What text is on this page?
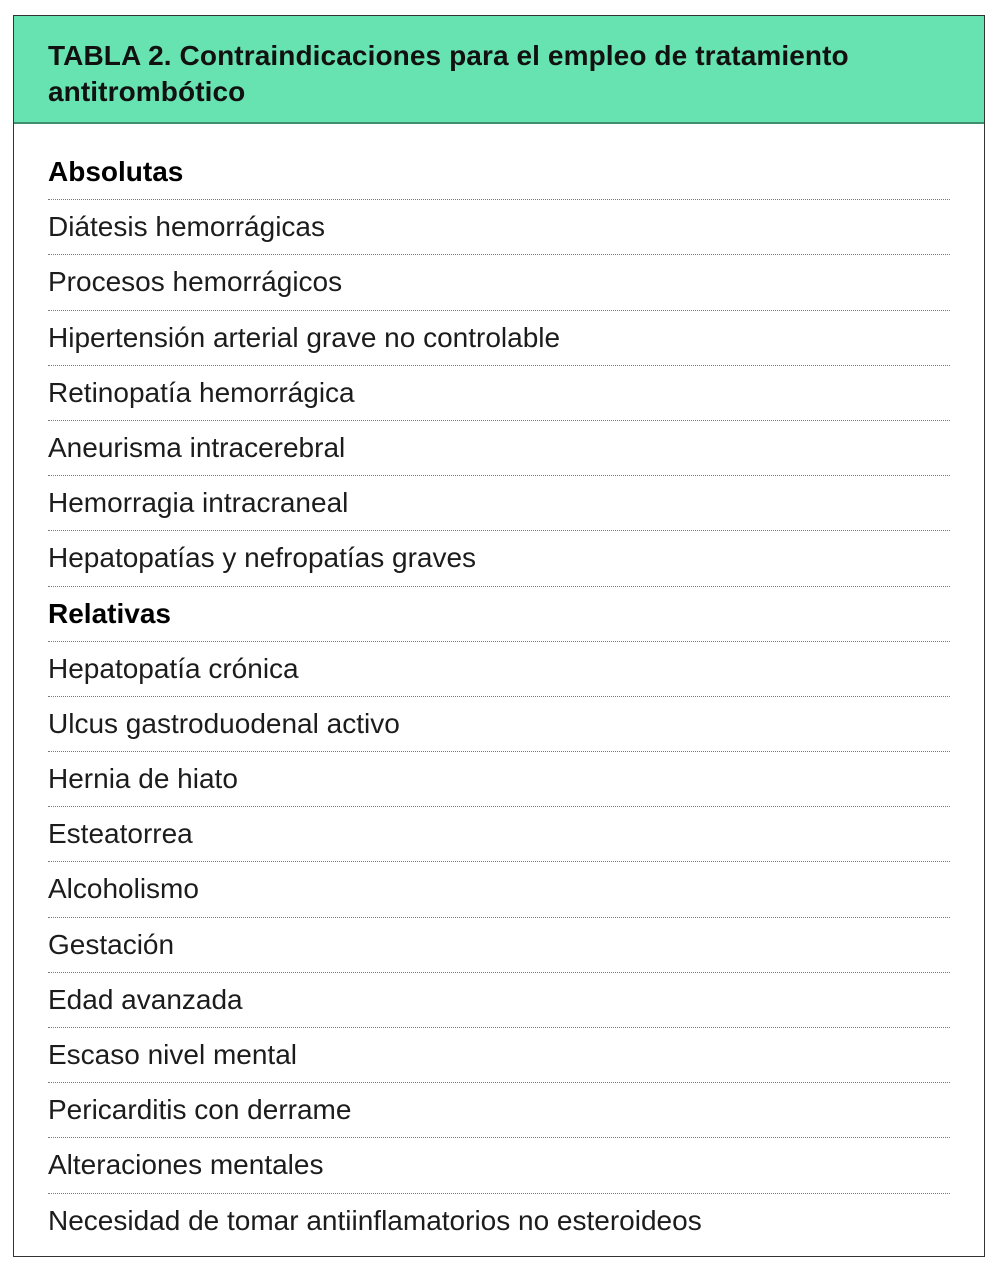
TABLA 2. Contraindicaciones para el empleo de tratamiento antitrombótico
Absolutas
Diátesis hemorrágicas
Procesos hemorrágicos
Hipertensión arterial grave no controlable
Retinopatía hemorrágica
Aneurisma intracerebral
Hemorragia intracraneal
Hepatopatías y nefropatías graves
Relativas
Hepatopatía crónica
Ulcus gastroduodenal activo
Hernia de hiato
Esteatorrea
Alcoholismo
Gestación
Edad avanzada
Escaso nivel mental
Pericarditis con derrame
Alteraciones mentales
Necesidad de tomar antiinflamatorios no esteroideos
